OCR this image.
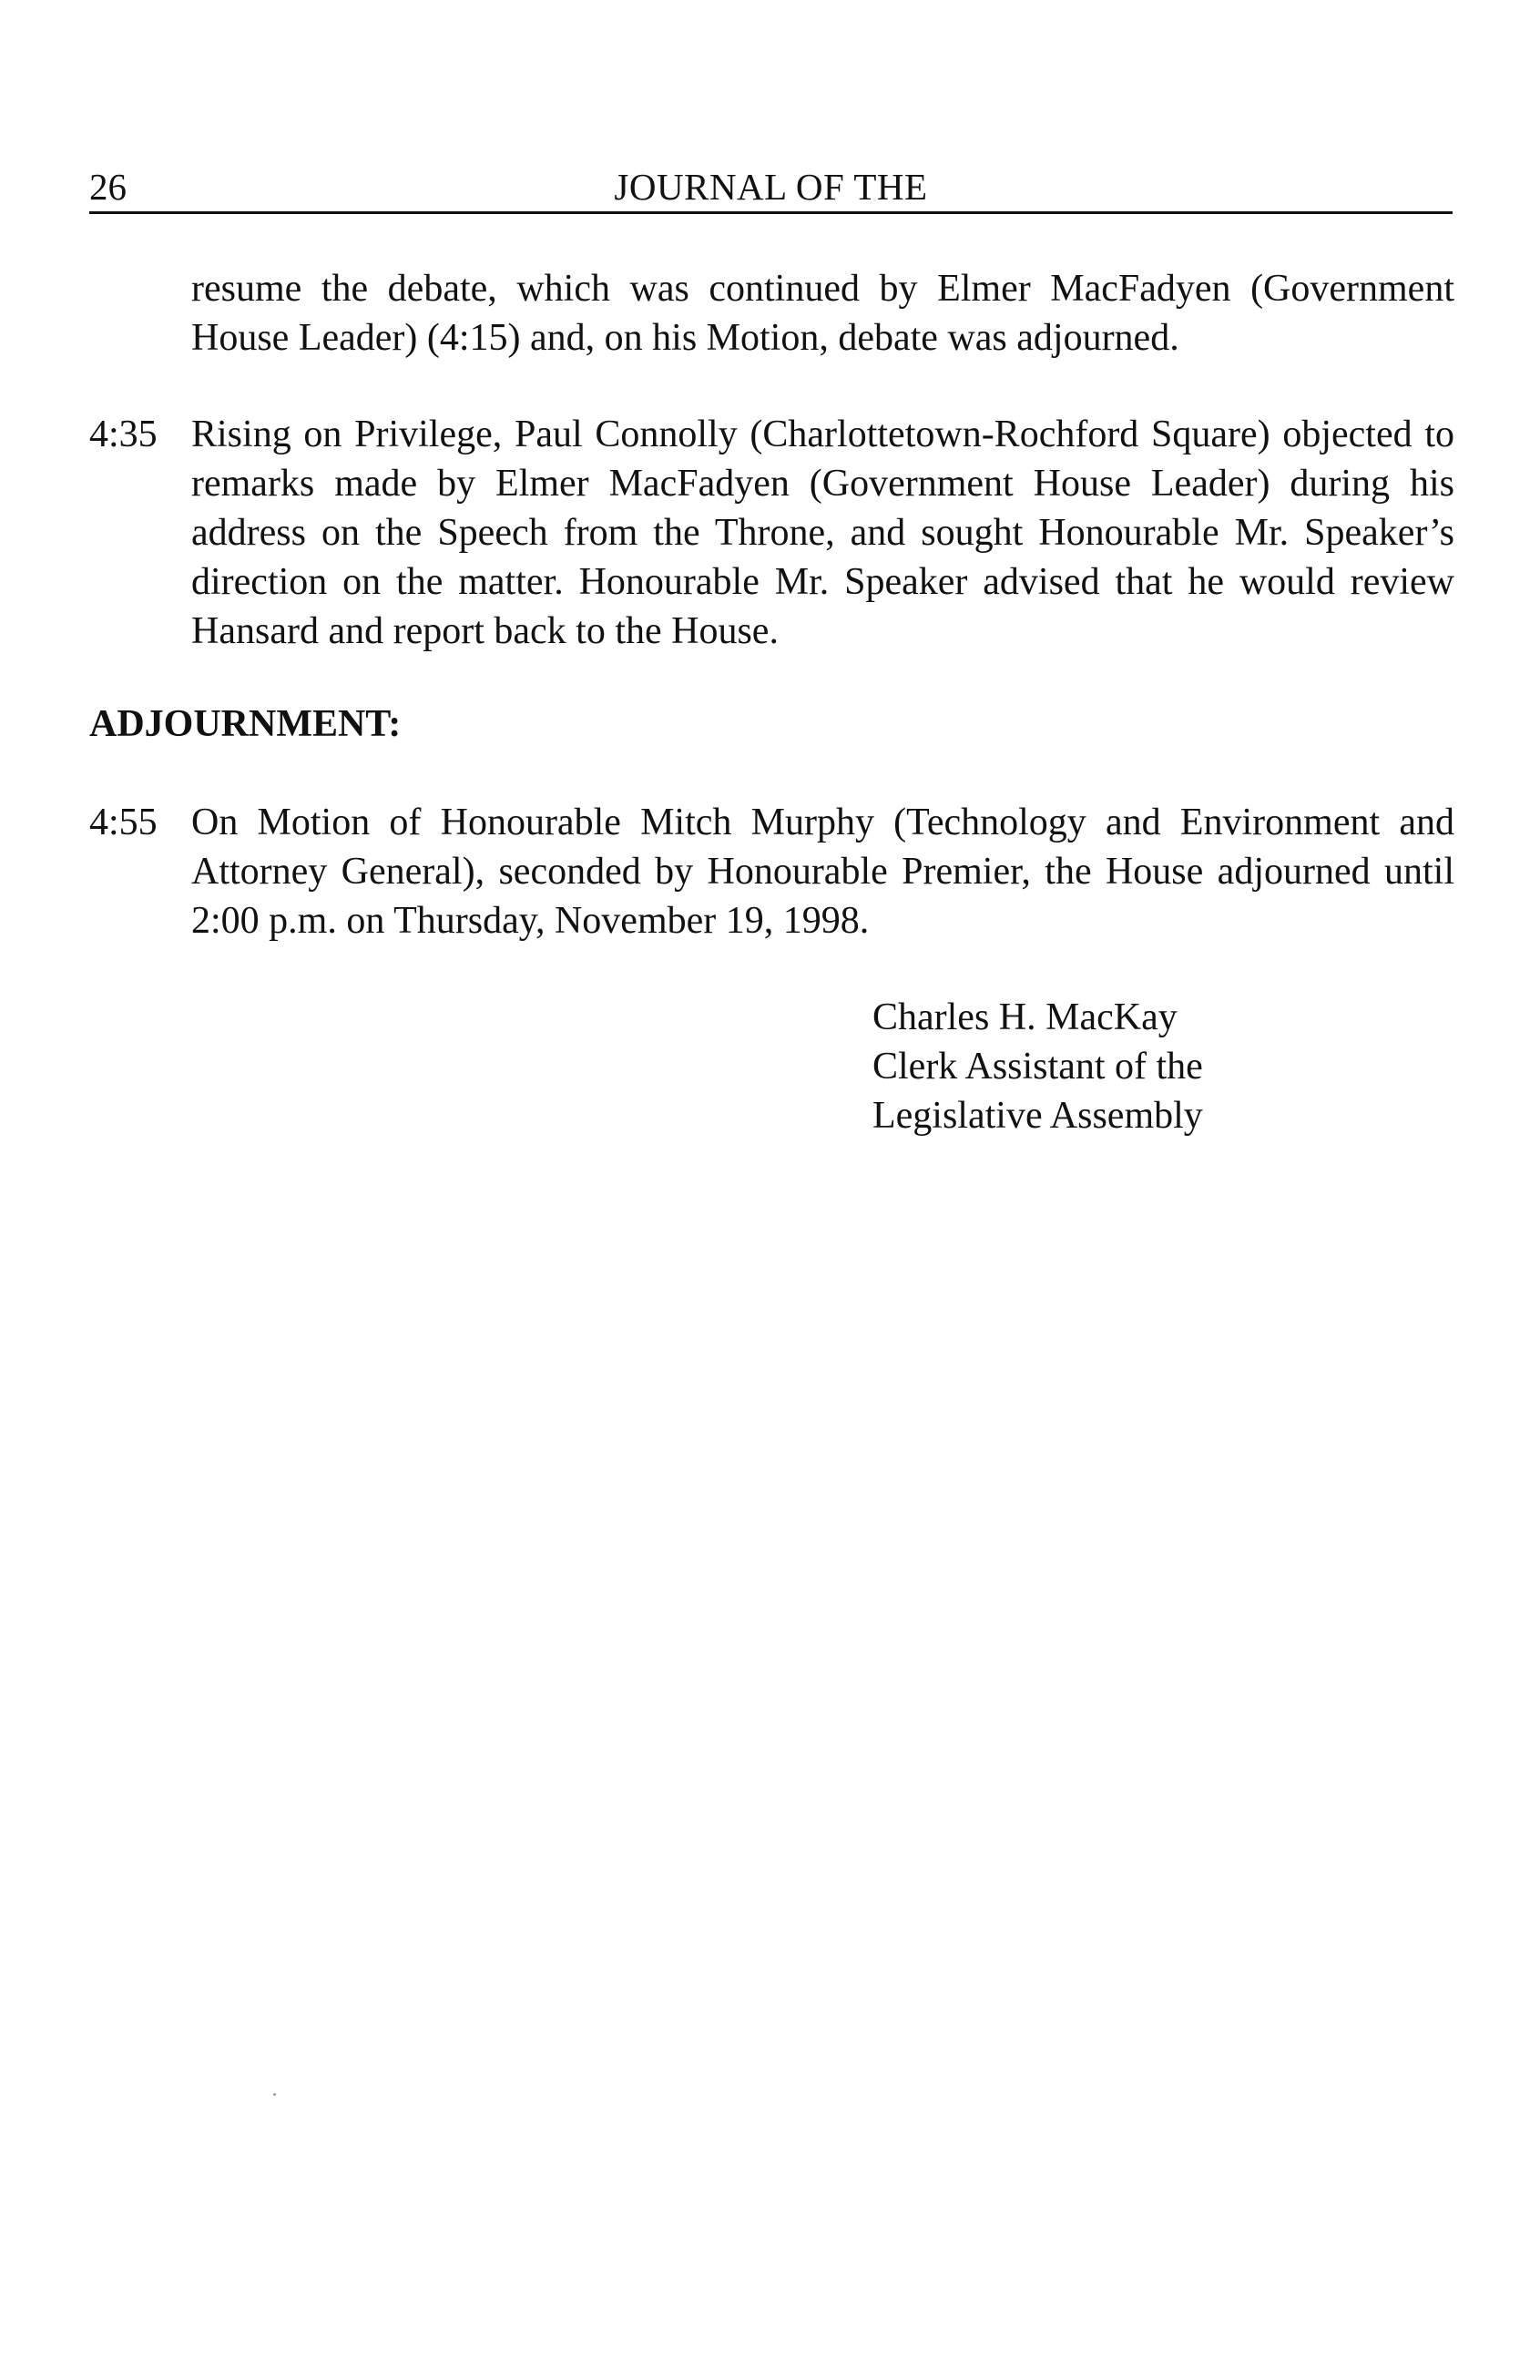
26	JOURNAL OF THE
resume the debate, which was continued by Elmer MacFadyen (Government House Leader) (4:15) and, on his Motion, debate was adjourned.
4:35 Rising on Privilege, Paul Connolly (Charlottetown-Rochford Square) objected to remarks made by Elmer MacFadyen (Government House Leader) during his address on the Speech from the Throne, and sought Honourable Mr. Speaker’s direction on the matter. Honourable Mr. Speaker advised that he would review Hansard and report back to the House.
ADJOURNMENT:
4:55 On Motion of Honourable Mitch Murphy (Technology and Environment and Attorney General), seconded by Honourable Premier, the House adjourned until 2:00 p.m. on Thursday, November 19, 1998.
Charles H. MacKay
Clerk Assistant of the
Legislative Assembly
